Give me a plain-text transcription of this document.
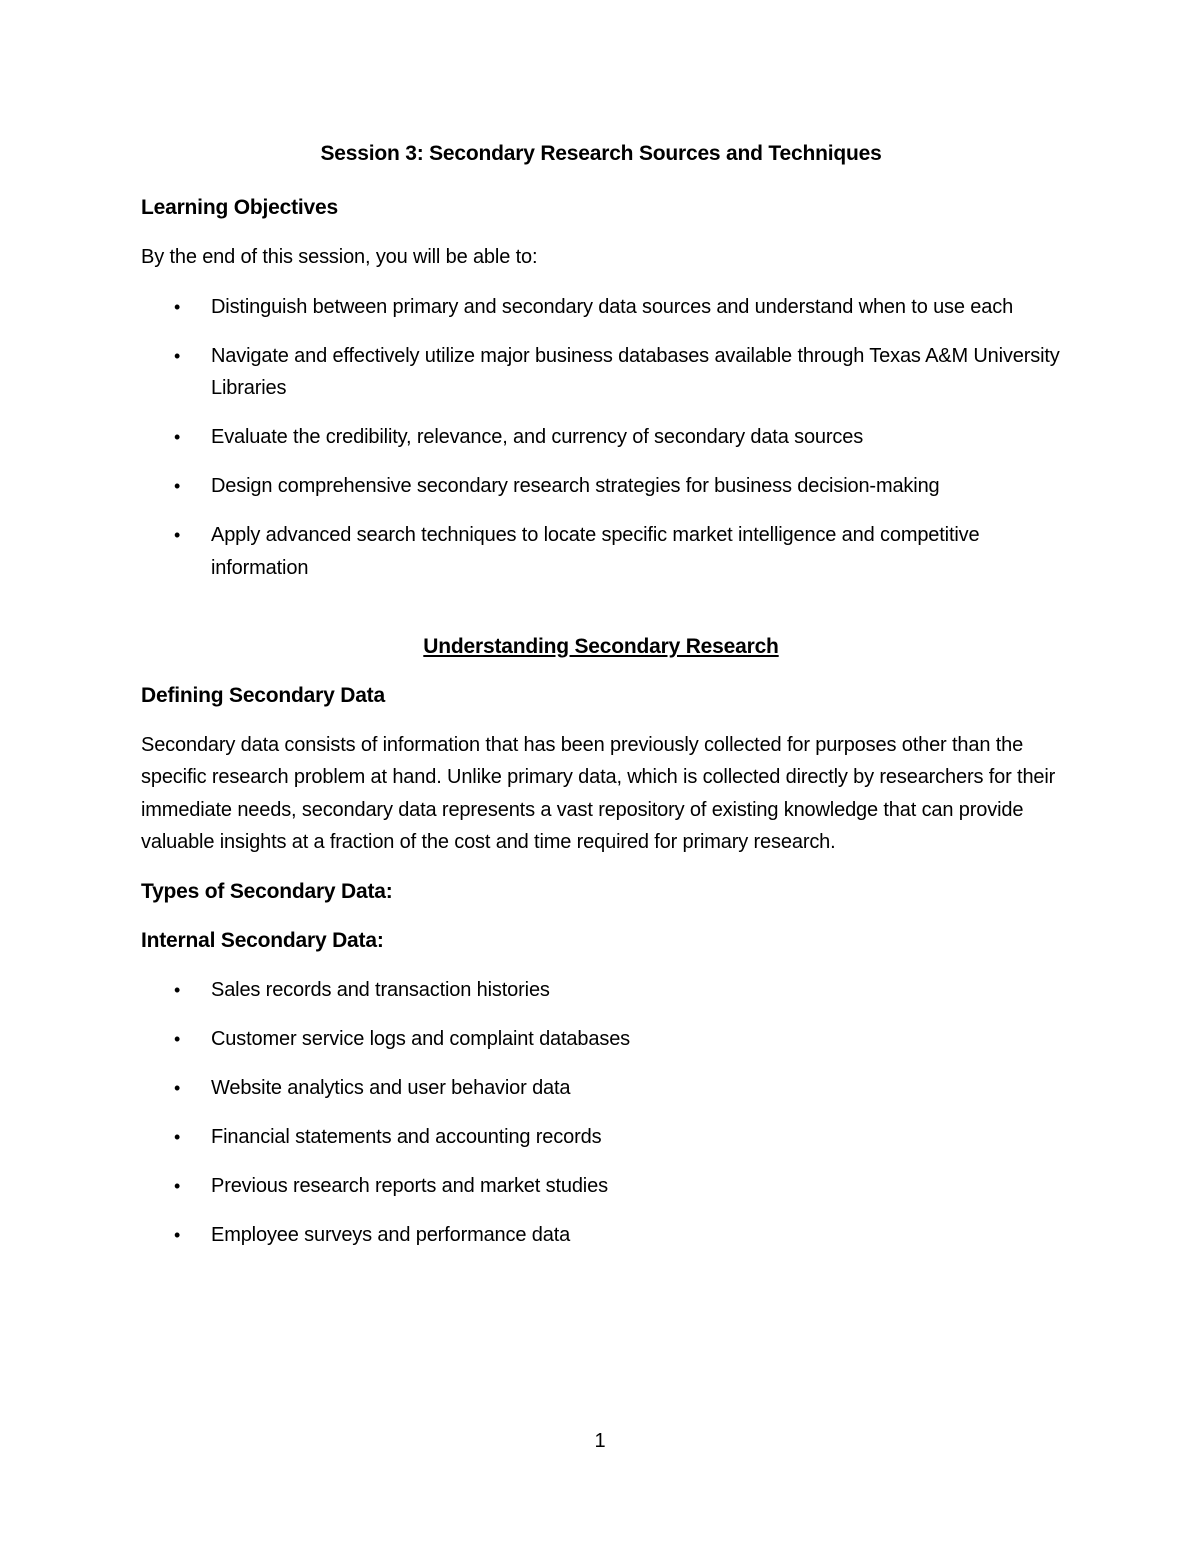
Session 3: Secondary Research Sources and Techniques
Learning Objectives
By the end of this session, you will be able to:
• Distinguish between primary and secondary data sources and understand when to use each
• Navigate and effectively utilize major business databases available through Texas A&M University Libraries
• Evaluate the credibility, relevance, and currency of secondary data sources
• Design comprehensive secondary research strategies for business decision-making
• Apply advanced search techniques to locate specific market intelligence and competitive information
Understanding Secondary Research
Defining Secondary Data
Secondary data consists of information that has been previously collected for purposes other than the specific research problem at hand. Unlike primary data, which is collected directly by researchers for their immediate needs, secondary data represents a vast repository of existing knowledge that can provide valuable insights at a fraction of the cost and time required for primary research.
Types of Secondary Data:
Internal Secondary Data:
• Sales records and transaction histories
• Customer service logs and complaint databases
• Website analytics and user behavior data
• Financial statements and accounting records
• Previous research reports and market studies
• Employee surveys and performance data
1
